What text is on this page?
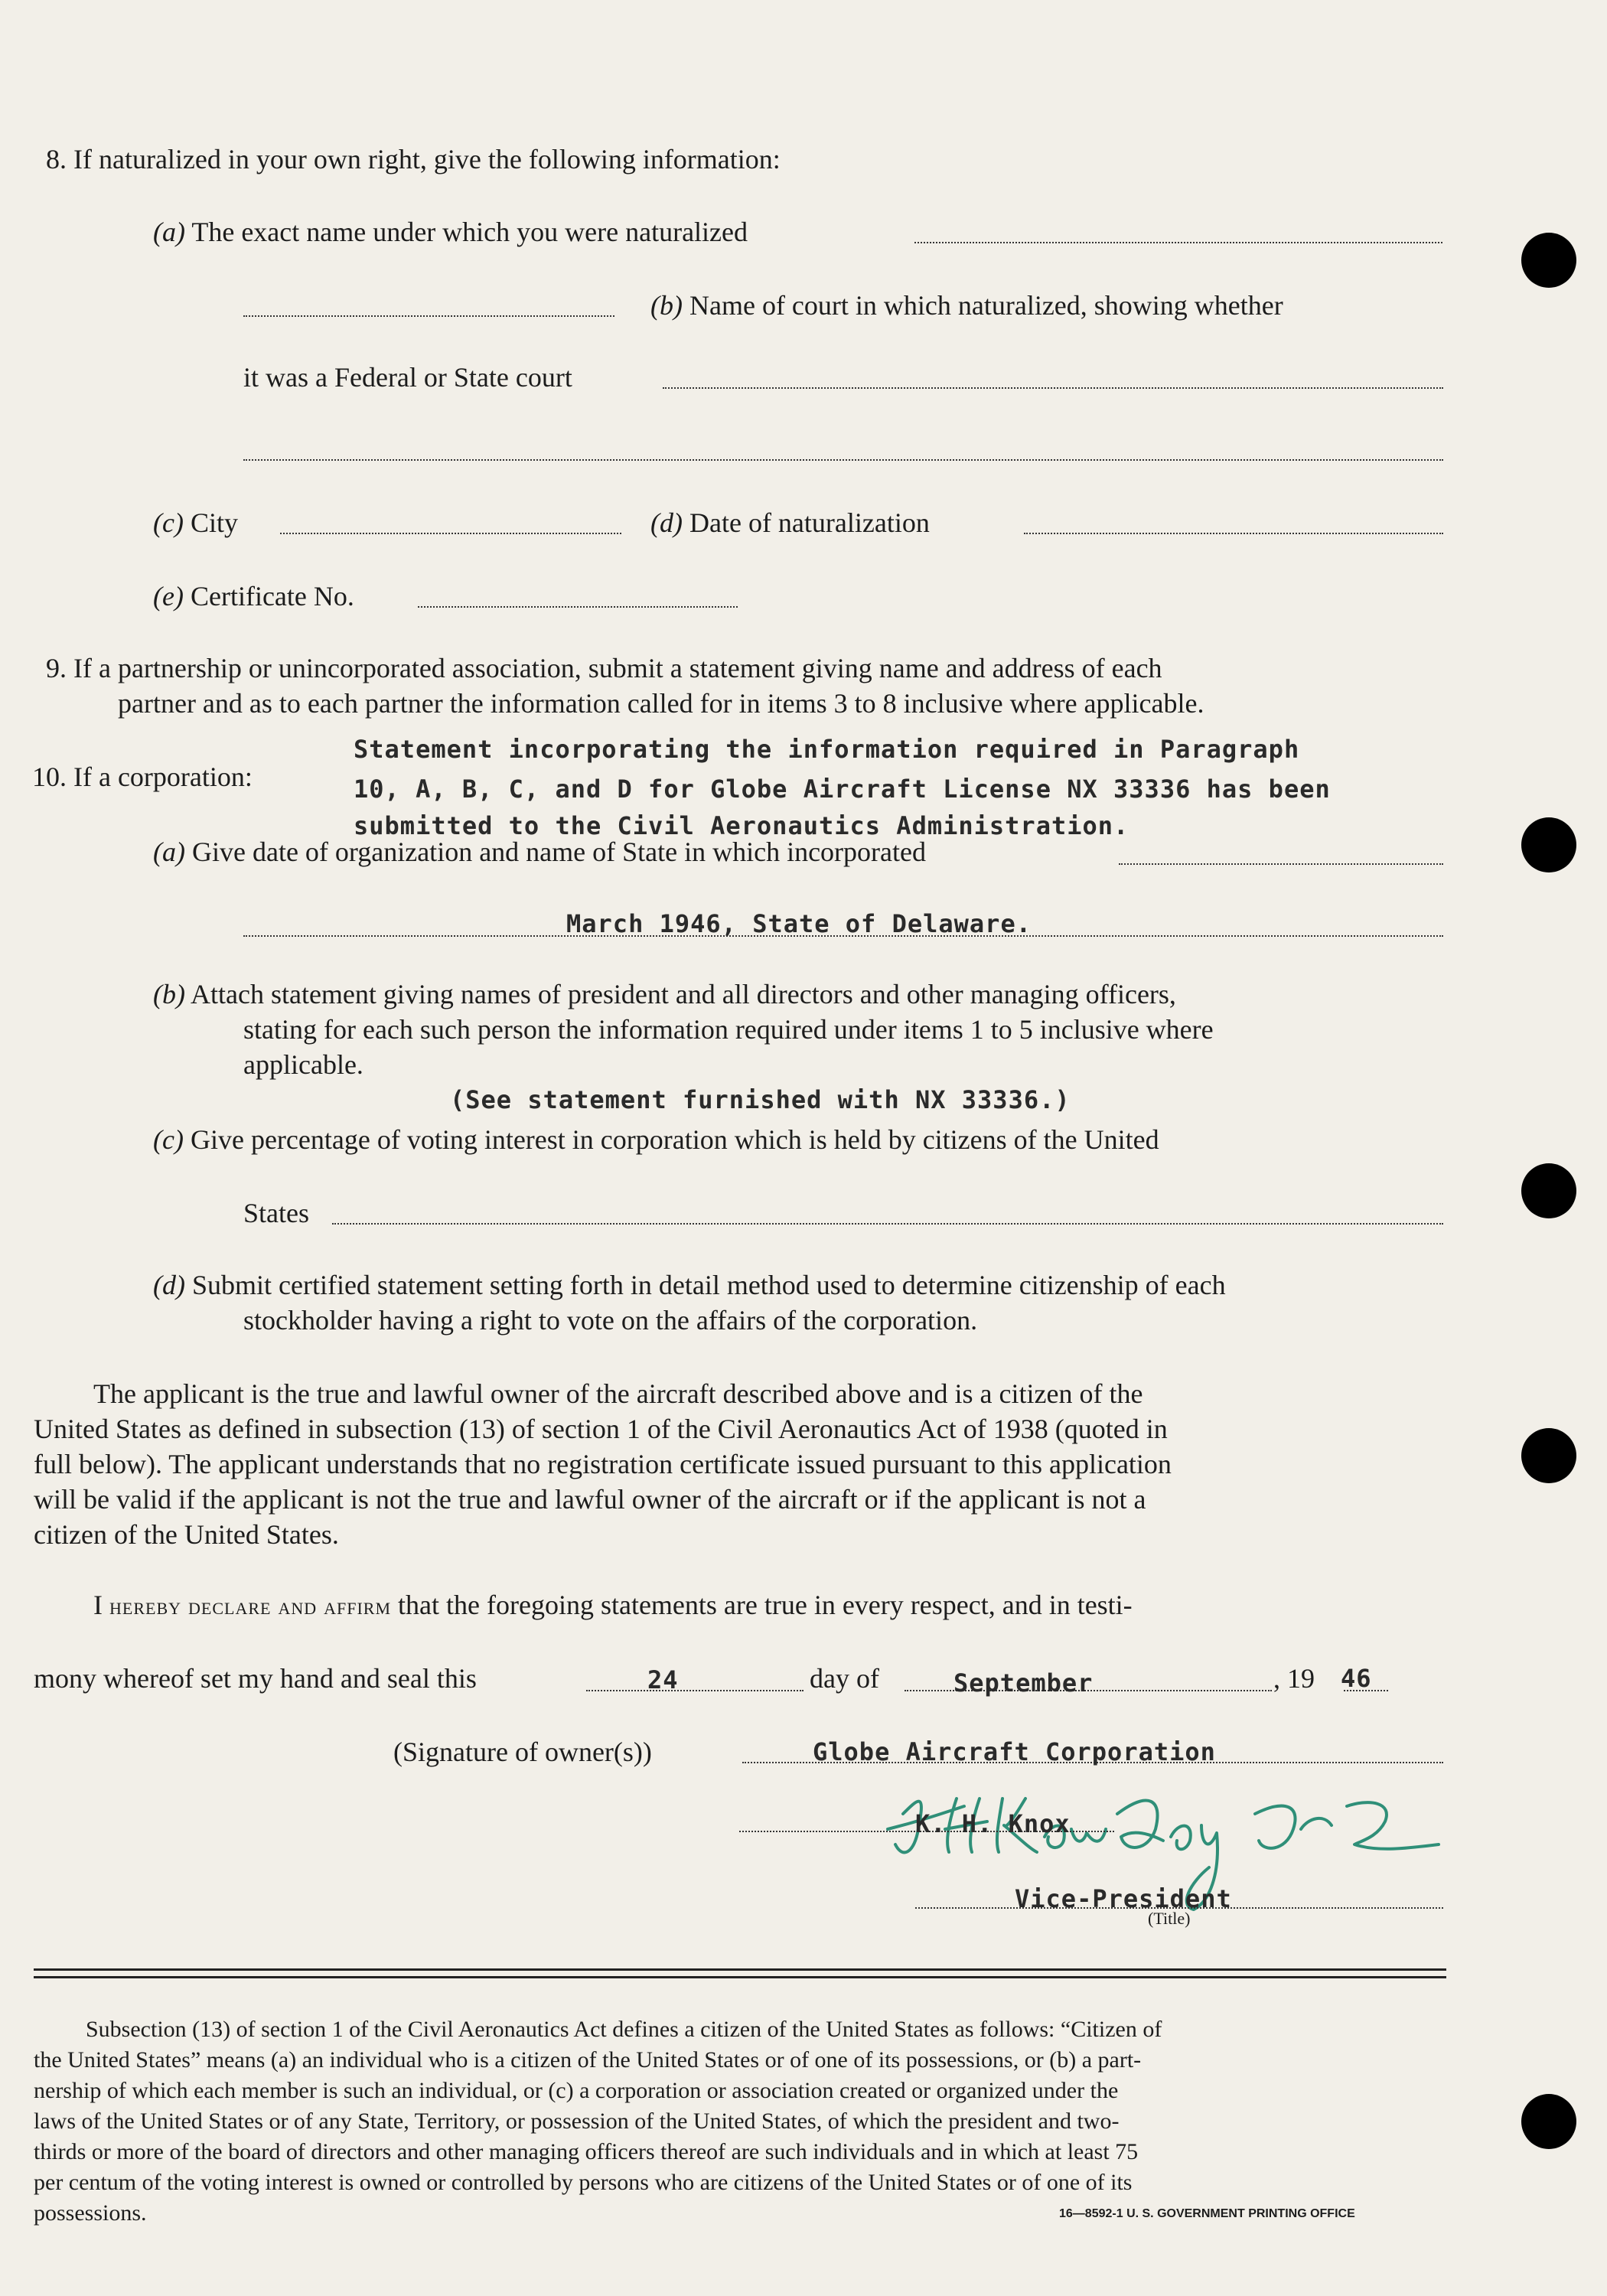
8. If naturalized in your own right, give the following information:
(a) The exact name under which you were naturalized
(b) Name of court in which naturalized, showing whether
it was a Federal or State court
(c) City	(d) Date of naturalization
(e) Certificate No.
9. If a partnership or unincorporated association, submit a statement giving name and address of each
partner and as to each partner the information called for in items 3 to 8 inclusive where applicable.
10. If a corporation:
Statement incorporating the information required in Paragraph
10, A, B, C, and D for Globe Aircraft License NX 33336 has been
submitted to the Civil Aeronautics Administration.
(a) Give date of organization and name of State in which incorporated
March 1946, State of Delaware.
(b) Attach statement giving names of president and all directors and other managing officers,
stating for each such person the information required under items 1 to 5 inclusive where
applicable.
(See statement furnished with NX 33336.)
(c) Give percentage of voting interest in corporation which is held by citizens of the United
States
(d) Submit certified statement setting forth in detail method used to determine citizenship of each
stockholder having a right to vote on the affairs of the corporation.
The applicant is the true and lawful owner of the aircraft described above and is a citizen of the
United States as defined in subsection (13) of section 1 of the Civil Aeronautics Act of 1938 (quoted in
full below). The applicant understands that no registration certificate issued pursuant to this application
will be valid if the applicant is not the true and lawful owner of the aircraft or if the applicant is not a
citizen of the United States.
I hereby declare and affirm that the foregoing statements are true in every respect, and in testi-
mony whereof set my hand and seal this	24	day of	September	, 19 46
(Signature of owner(s))	Globe Aircraft Corporation
K. H. Knox
Vice-President
(Title)
Subsection (13) of section 1 of the Civil Aeronautics Act defines a citizen of the United States as follows: “Citizen of
the United States” means (a) an individual who is a citizen of the United States or of one of its possessions, or (b) a part-
nership of which each member is such an individual, or (c) a corporation or association created or organized under the
laws of the United States or of any State, Territory, or possession of the United States, of which the president and two-
thirds or more of the board of directors and other managing officers thereof are such individuals and in which at least 75
per centum of the voting interest is owned or controlled by persons who are citizens of the United States or of one of its
possessions.	16—8592-1 U. S. GOVERNMENT PRINTING OFFICE
